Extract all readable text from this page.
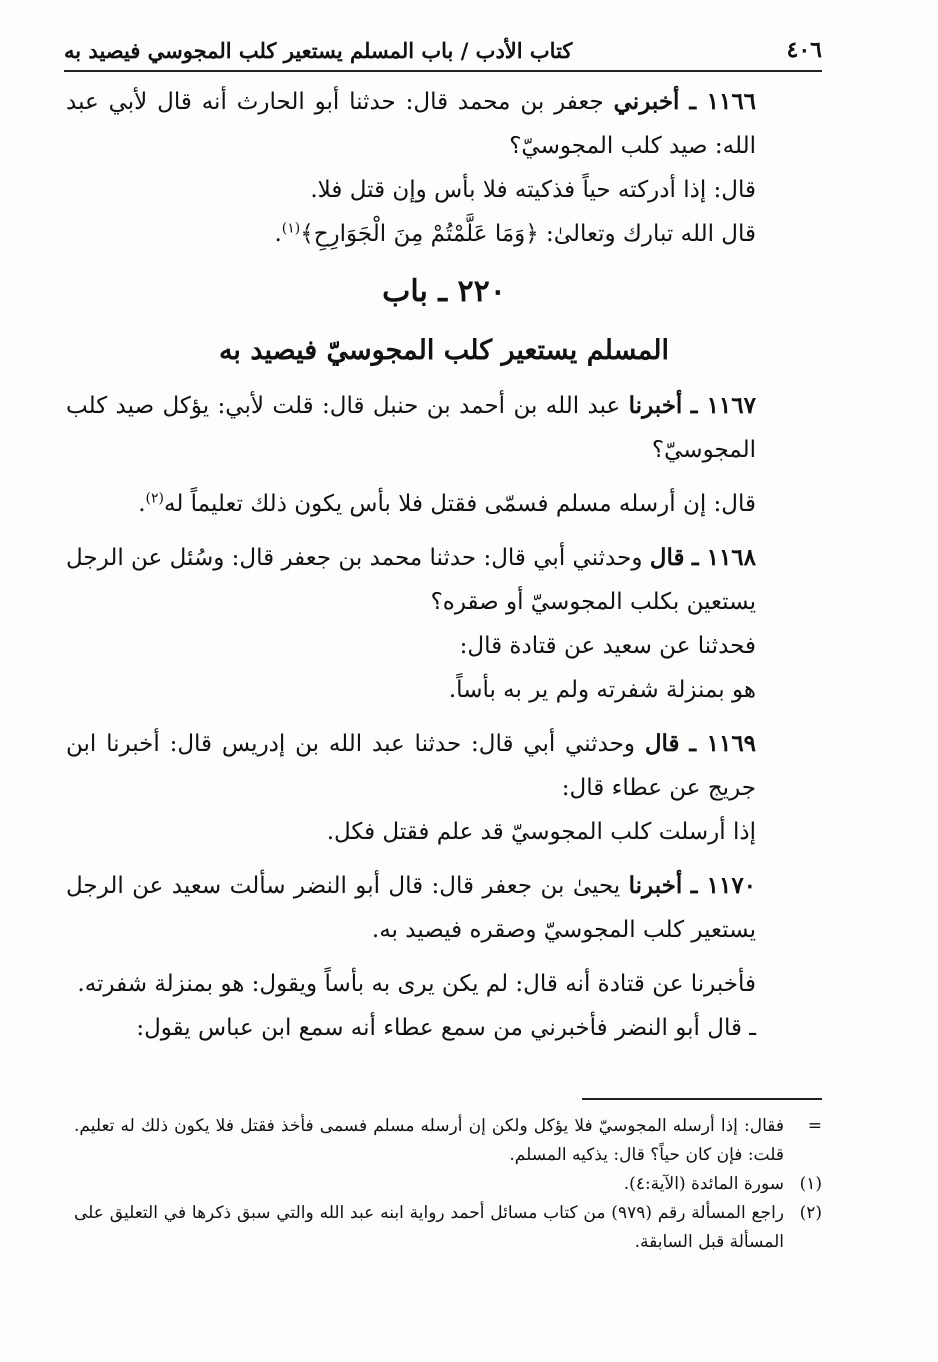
٤٠٦
كتاب الأدب / باب المسلم يستعير كلب المجوسي فيصيد به

١١٦٦ ـ أخبرني جعفر بن محمد قال: حدثنا أبو الحارث أنه قال لأبي عبد الله: صيد كلب المجوسيّ؟

قال: إذا أدركته حياً فذكيته فلا بأس وإن قتل فلا.

قال الله تبارك وتعالىٰ: ﴿وَمَا عَلَّمْتُمْ مِنَ الْجَوَارِحِ﴾$^{(١)}$.

٢٢٠ ـ باب
المسلم يستعير كلب المجوسيّ فيصيد به

١١٦٧ ـ أخبرنا عبد الله بن أحمد بن حنبل قال: قلت لأبي: يؤكل صيد كلب المجوسيّ؟

قال: إن أرسله مسلم فسمّى فقتل فلا بأس يكون ذلك تعليماً له$^{(٢)}$.

١١٦٨ ـ قال وحدثني أبي قال: حدثنا محمد بن جعفر قال: وسُئل عن الرجل يستعين بكلب المجوسيّ أو صقره؟

فحدثنا عن سعيد عن قتادة قال:

هو بمنزلة شفرته ولم ير به بأساً.

١١٦٩ ـ قال وحدثني أبي قال: حدثنا عبد الله بن إدريس قال: أخبرنا ابن جريج عن عطاء قال:

إذا أرسلت كلب المجوسيّ قد علم فقتل فكل.

١١٧٠ ـ أخبرنا يحيىٰ بن جعفر قال: قال أبو النضر سألت سعيد عن الرجل يستعير كلب المجوسيّ وصقره فيصيد به.

فأخبرنا عن قتادة أنه قال: لم يكن يرى به بأساً ويقول: هو بمنزلة شفرته.

ـ قال أبو النضر فأخبرني من سمع عطاء أنه سمع ابن عباس يقول:

=
فقال: إذا أرسله المجوسيّ فلا يؤكل ولكن إن أرسله مسلم فسمى فأخذ فقتل فلا يكون ذلك له تعليم. قلت: فإن كان حياً؟ قال: يذكيه المسلم.
(١)
سورة المائدة (الآية:٤).
(٢)
راجع المسألة رقم (٩٧٩) من كتاب مسائل أحمد رواية ابنه عبد الله والتي سبق ذكرها في التعليق على المسألة قبل السابقة.
